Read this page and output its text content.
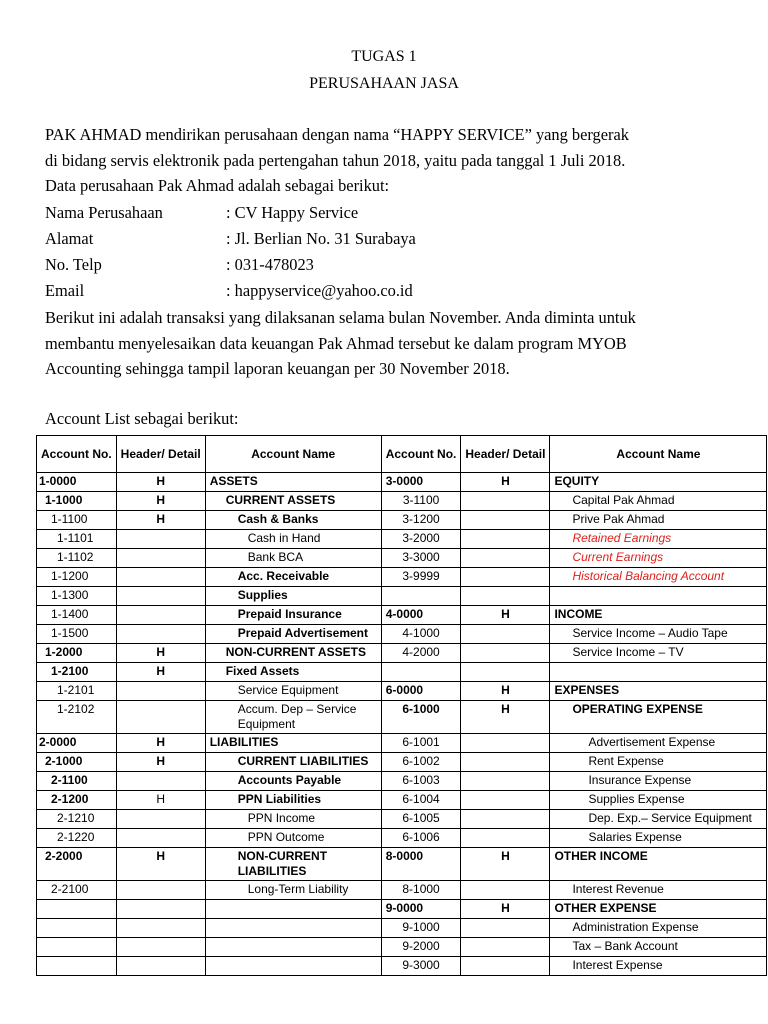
TUGAS 1
PERUSAHAAN JASA
PAK AHMAD mendirikan perusahaan dengan nama “HAPPY SERVICE” yang bergerak
di bidang servis elektronik pada pertengahan tahun 2018, yaitu pada tanggal 1 Juli 2018.
Data perusahaan Pak Ahmad adalah sebagai berikut:
Nama Perusahaan	: CV Happy Service
Alamat	: Jl. Berlian No. 31 Surabaya
No. Telp	: 031-478023
Email	: happyservice@yahoo.co.id
Berikut ini adalah transaksi yang dilaksanan selama bulan November. Anda diminta untuk
membantu menyelesaikan data keuangan Pak Ahmad tersebut ke dalam program MYOB
Accounting sehingga tampil laporan keuangan per 30 November 2018.
Account List sebagai berikut:
Account No.	Header/ Detail	Account Name	Account No.	Header/ Detail	Account Name
1-0000	H	ASSETS	3-0000	H	EQUITY
1-1000	H	CURRENT ASSETS	3-1100		Capital Pak Ahmad
1-1100	H	Cash & Banks	3-1200		Prive Pak Ahmad
1-1101		Cash in Hand	3-2000		Retained Earnings
1-1102		Bank BCA	3-3000		Current Earnings
1-1200		Acc. Receivable	3-9999		Historical Balancing Account
1-1300		Supplies			
1-1400		Prepaid Insurance	4-0000	H	INCOME
1-1500		Prepaid Advertisement	4-1000		Service Income – Audio Tape
1-2000	H	NON-CURRENT ASSETS	4-2000		Service Income – TV
1-2100	H	Fixed Assets			
1-2101		Service Equipment	6-0000	H	EXPENSES
1-2102		Accum. Dep – Service Equipment	6-1000	H	OPERATING EXPENSE
2-0000	H	LIABILITIES	6-1001		Advertisement Expense
2-1000	H	CURRENT LIABILITIES	6-1002		Rent Expense
2-1100		Accounts Payable	6-1003		Insurance Expense
2-1200	H	PPN Liabilities	6-1004		Supplies Expense
2-1210		PPN Income	6-1005		Dep. Exp.– Service Equipment
2-1220		PPN Outcome	6-1006		Salaries Expense
2-2000	H	NON-CURRENT LIABILITIES	8-0000	H	OTHER INCOME
2-2100		Long-Term Liability	8-1000		Interest Revenue
			9-0000	H	OTHER EXPENSE
			9-1000		Administration Expense
			9-2000		Tax – Bank Account
			9-3000		Interest Expense
